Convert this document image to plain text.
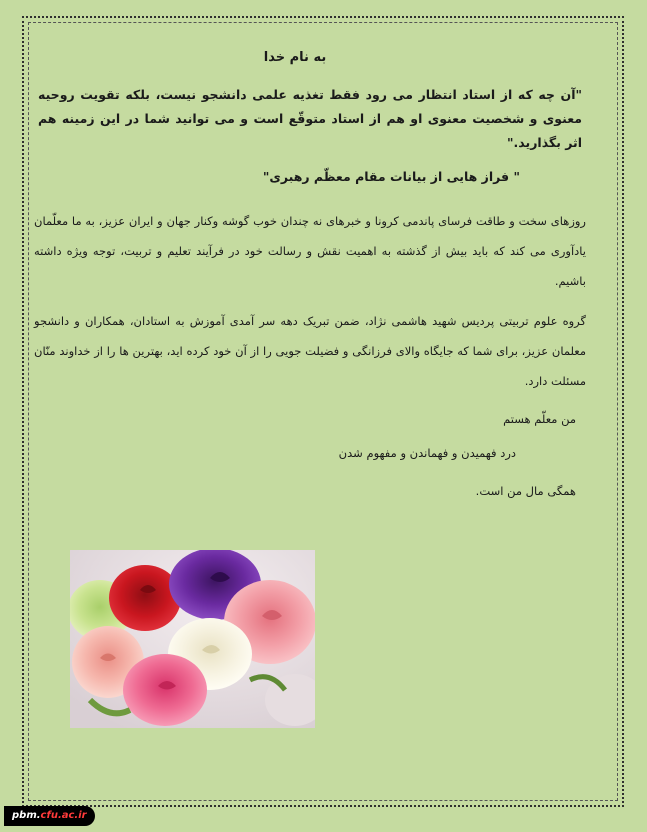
به نام خدا

"آن چه که از استاد انتظار می رود فقط تغذیه علمی دانشجو نیست، بلکه تقویت روحیه معنوی و شخصیت معنوی او هم از استاد متوقّع است و می توانید شما در این زمینه هم اثر بگذارید."

" فراز هایی از بیانات مقام معظّم رهبری"

روزهای سخت و طاقت فرسای پاندمی کرونا و خبرهای نه چندان خوب گوشه وکنار جهان و ایران عزیز، به ما معلّمان یادآوری می کند که باید بیش از گذشته به اهمیت نقش و رسالت خود در فرآیند تعلیم و تربیت، توجه ویژه داشته باشیم.

گروه علوم تربیتی پردیس شهید هاشمی نژاد، ضمن تبریک دهه سر آمدی آموزش به استادان، همکاران و دانشجو معلمان عزیز، برای شما که جایگاه والای فرزانگی و فضیلت جویی را از آن خود کرده اید، بهترین ها را از خداوند منّان مسئلت دارد.

من معلّم هستم

درد فهمیدن و فهماندن و مفهوم شدن

همگی مال من است.

pbm.cfu.ac.ir
